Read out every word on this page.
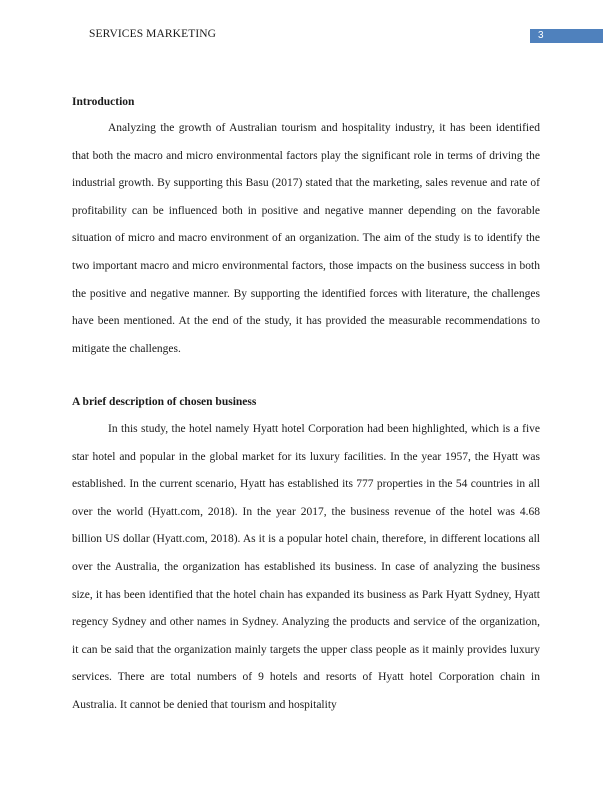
SERVICES MARKETING	3
Introduction

Analyzing the growth of Australian tourism and hospitality industry, it has been identified that both the macro and micro environmental factors play the significant role in terms of driving the industrial growth. By supporting this Basu (2017) stated that the marketing, sales revenue and rate of profitability can be influenced both in positive and negative manner depending on the favorable situation of micro and macro environment of an organization. The aim of the study is to identify the two important macro and micro environmental factors, those impacts on the business success in both the positive and negative manner. By supporting the identified forces with literature, the challenges have been mentioned. At the end of the study, it has provided the measurable recommendations to mitigate the challenges.

A brief description of chosen business

In this study, the hotel namely Hyatt hotel Corporation had been highlighted, which is a five star hotel and popular in the global market for its luxury facilities. In the year 1957, the Hyatt was established. In the current scenario, Hyatt has established its 777 properties in the 54 countries in all over the world (Hyatt.com, 2018). In the year 2017, the business revenue of the hotel was 4.68 billion US dollar (Hyatt.com, 2018). As it is a popular hotel chain, therefore, in different locations all over the Australia, the organization has established its business. In case of analyzing the business size, it has been identified that the hotel chain has expanded its business as Park Hyatt Sydney, Hyatt regency Sydney and other names in Sydney. Analyzing the products and service of the organization, it can be said that the organization mainly targets the upper class people as it mainly provides luxury services. There are total numbers of 9 hotels and resorts of Hyatt hotel Corporation chain in Australia. It cannot be denied that tourism and hospitality
